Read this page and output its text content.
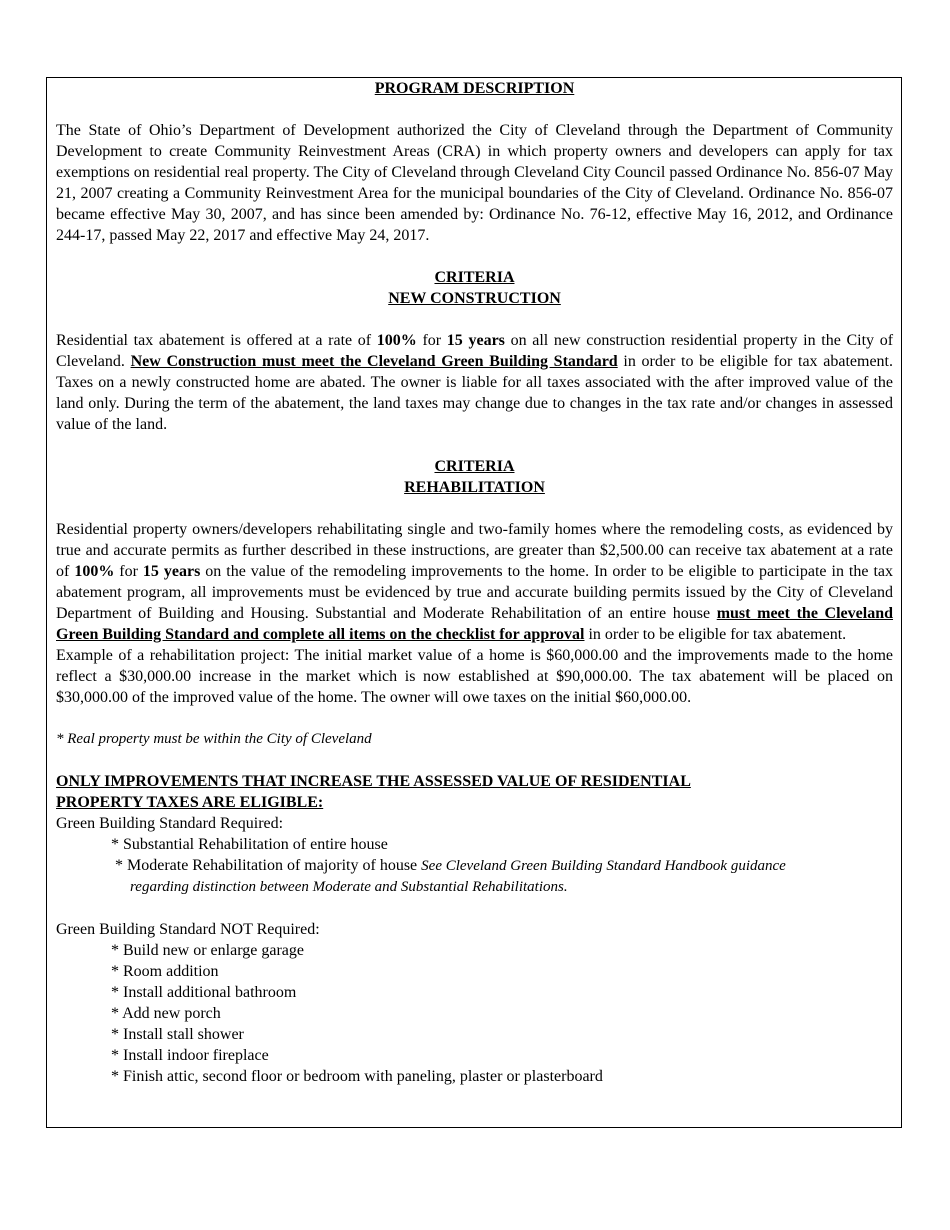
PROGRAM DESCRIPTION

The State of Ohio’s Department of Development authorized the City of Cleveland through the Department of Community Development to create Community Reinvestment Areas (CRA) in which property owners and developers can apply for tax exemptions on residential real property. The City of Cleveland through Cleveland City Council passed Ordinance No. 856-07 May 21, 2007 creating a Community Reinvestment Area for the municipal boundaries of the City of Cleveland. Ordinance No. 856-07 became effective May 30, 2007, and has since been amended by: Ordinance No. 76-12, effective May 16, 2012, and Ordinance 244-17, passed May 22, 2017 and effective May 24, 2017.

CRITERIA

NEW CONSTRUCTION

Residential tax abatement is offered at a rate of 100% for 15 years on all new construction residential property in the City of Cleveland. New Construction must meet the Cleveland Green Building Standard in order to be eligible for tax abatement. Taxes on a newly constructed home are abated. The owner is liable for all taxes associated with the after improved value of the land only. During the term of the abatement, the land taxes may change due to changes in the tax rate and/or changes in assessed value of the land.

CRITERIA

REHABILITATION

Residential property owners/developers rehabilitating single and two-family homes where the remodeling costs, as evidenced by true and accurate permits as further described in these instructions, are greater than $2,500.00 can receive tax abatement at a rate of 100% for 15 years on the value of the remodeling improvements to the home. In order to be eligible to participate in the tax abatement program, all improvements must be evidenced by true and accurate building permits issued by the City of Cleveland Department of Building and Housing. Substantial and Moderate Rehabilitation of an entire house must meet the Cleveland Green Building Standard and complete all items on the checklist for approval in order to be eligible for tax abatement.

Example of a rehabilitation project: The initial market value of a home is $60,000.00 and the improvements made to the home reflect a $30,000.00 increase in the market which is now established at $90,000.00. The tax abatement will be placed on $30,000.00 of the improved value of the home. The owner will owe taxes on the initial $60,000.00.

* Real property must be within the City of Cleveland

ONLY IMPROVEMENTS THAT INCREASE THE ASSESSED VALUE OF RESIDENTIAL

PROPERTY TAXES ARE ELIGIBLE:

Green Building Standard Required:

* Substantial Rehabilitation of entire house

* Moderate Rehabilitation of majority of house See Cleveland Green Building Standard Handbook guidance

regarding distinction between Moderate and Substantial Rehabilitations.

Green Building Standard NOT Required:

* Build new or enlarge garage

* Room addition

* Install additional bathroom

* Add new porch

* Install stall shower

* Install indoor fireplace

* Finish attic, second floor or bedroom with paneling, plaster or plasterboard
